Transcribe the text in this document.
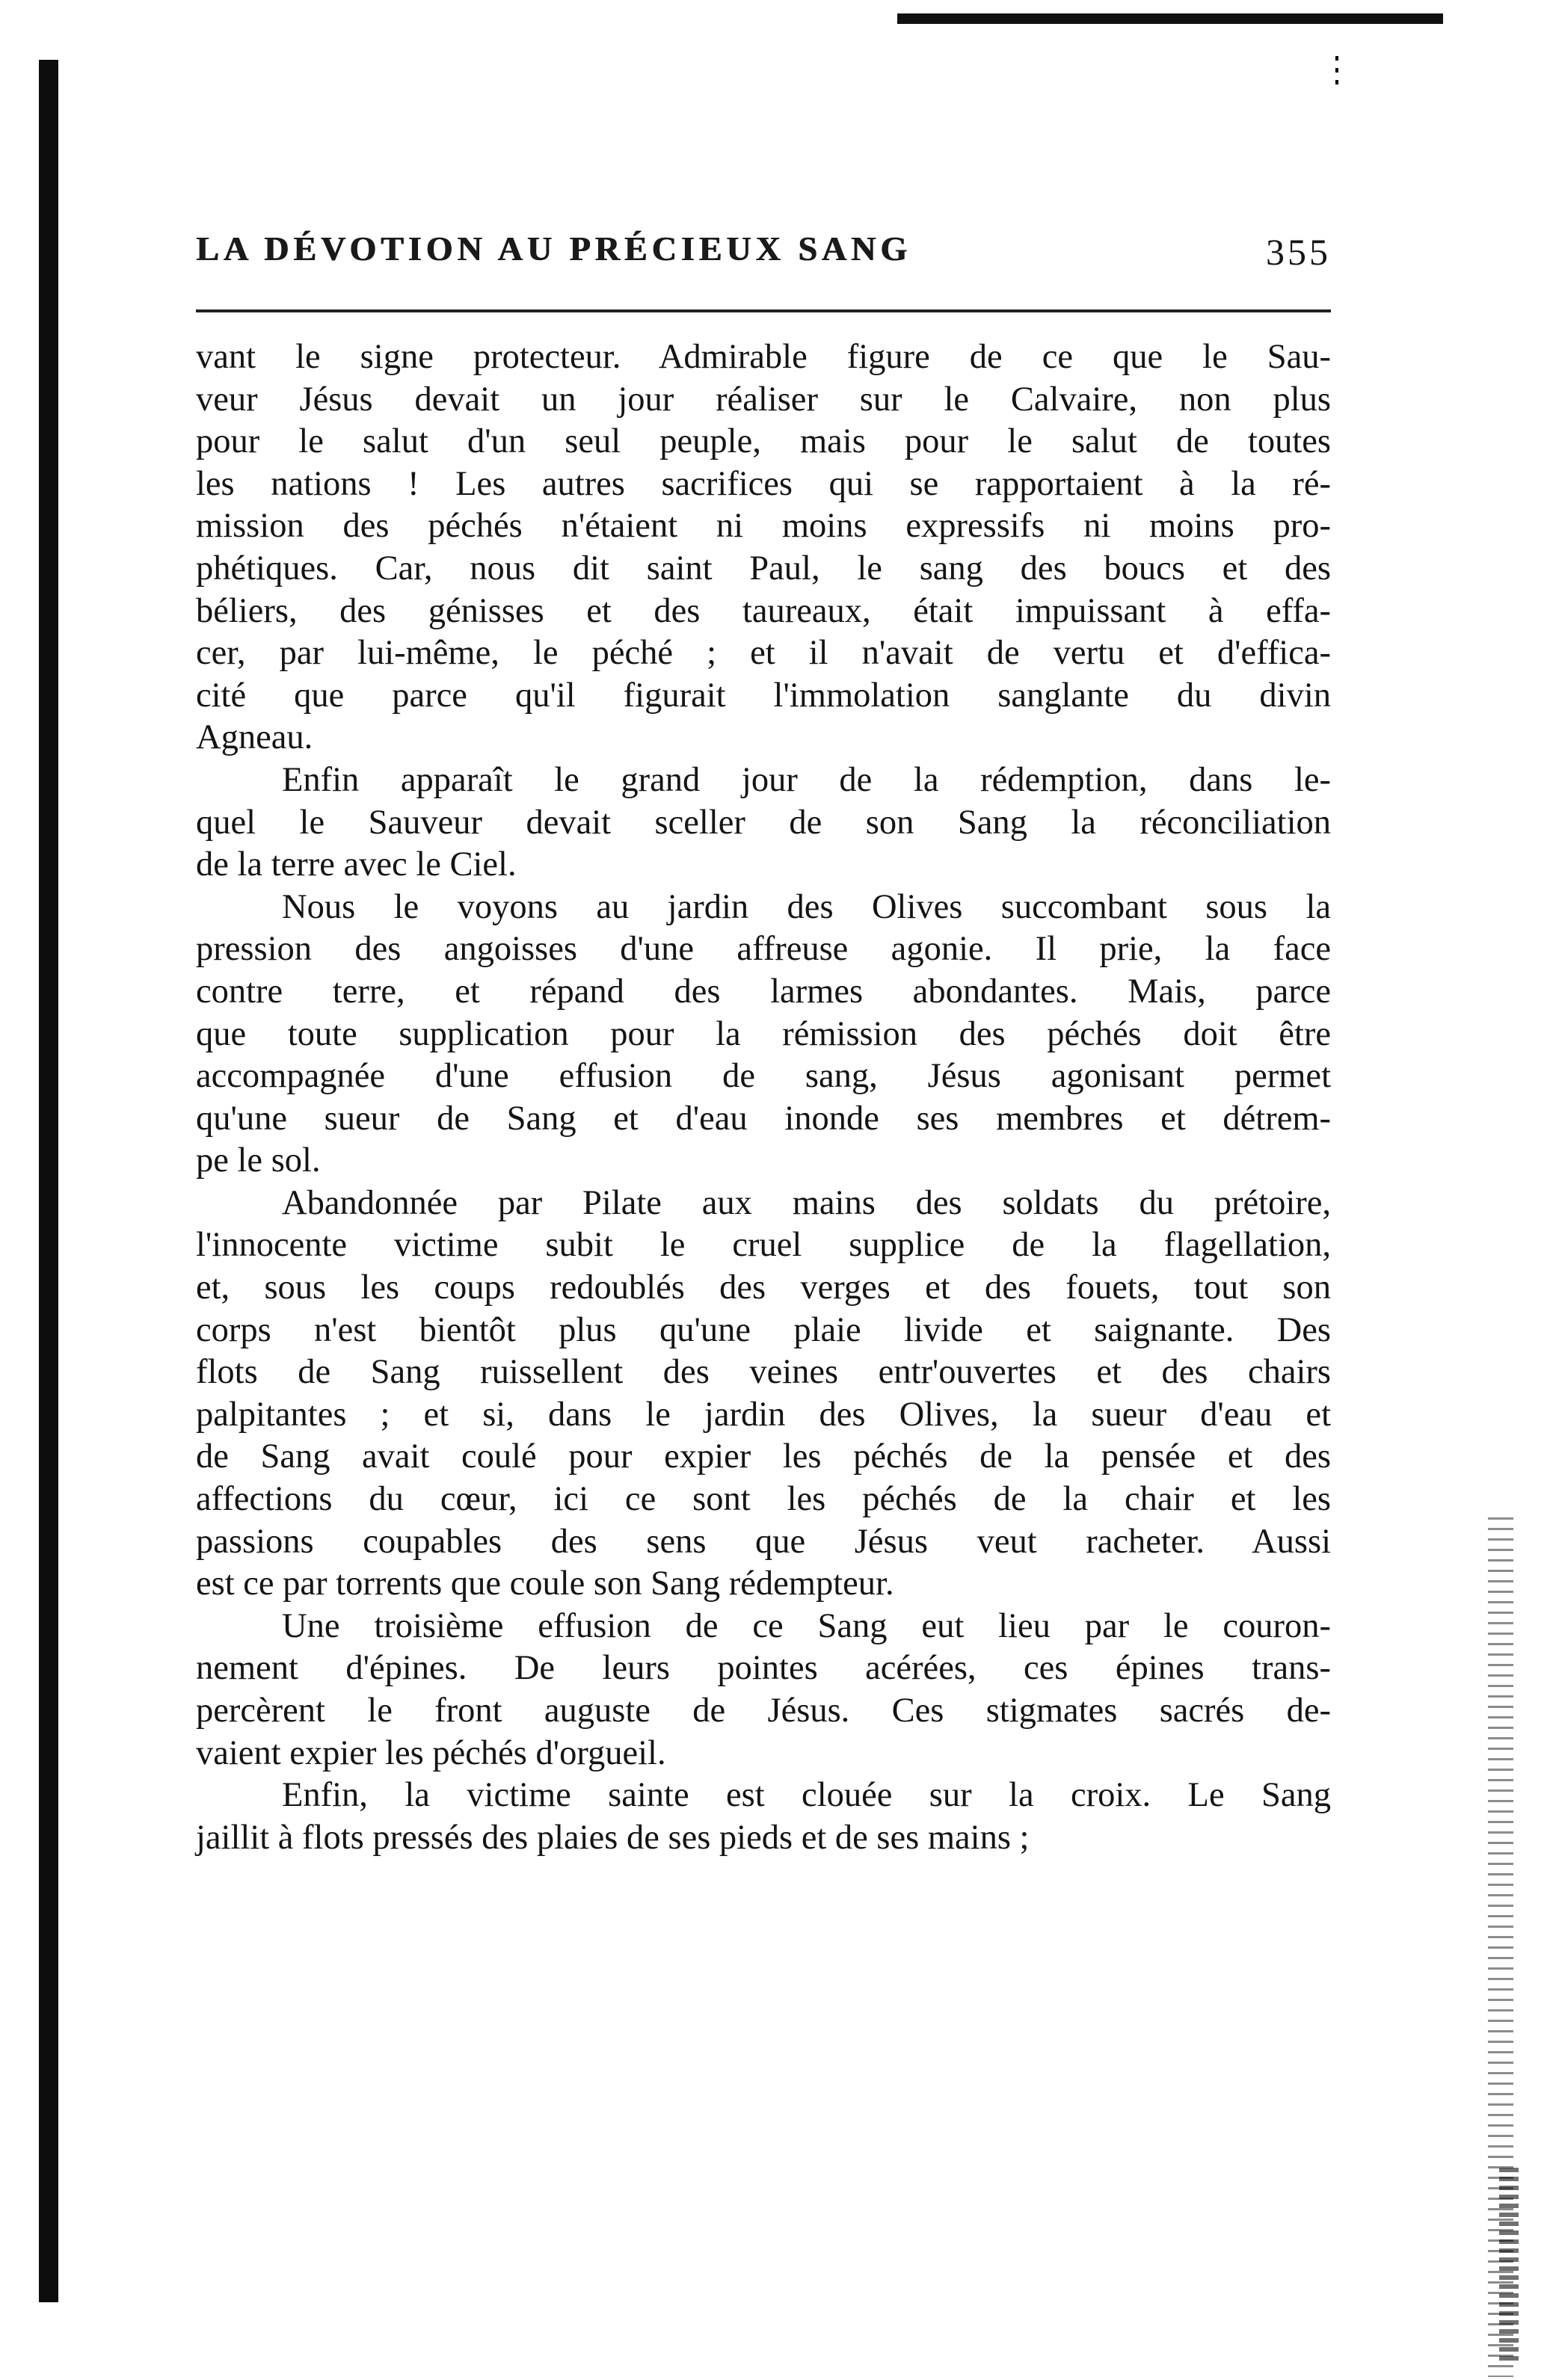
LA DÉVOTION AU PRÉCIEUX SANG	355
vant le signe protecteur. Admirable figure de ce que le Sau-
veur Jésus devait un jour réaliser sur le Calvaire, non plus
pour le salut d'un seul peuple, mais pour le salut de toutes
les nations ! Les autres sacrifices qui se rapportaient à la ré-
mission des péchés n'étaient ni moins expressifs ni moins pro-
phétiques. Car, nous dit saint Paul, le sang des boucs et des
béliers, des génisses et des taureaux, était impuissant à effa-
cer, par lui-même, le péché ; et il n'avait de vertu et d'effica-
cité que parce qu'il figurait l'immolation sanglante du divin
Agneau.
Enfin apparaît le grand jour de la rédemption, dans le-
quel le Sauveur devait sceller de son Sang la réconciliation
de la terre avec le Ciel.
Nous le voyons au jardin des Olives succombant sous la
pression des angoisses d'une affreuse agonie. Il prie, la face
contre terre, et répand des larmes abondantes. Mais, parce
que toute supplication pour la rémission des péchés doit être
accompagnée d'une effusion de sang, Jésus agonisant permet
qu'une sueur de Sang et d'eau inonde ses membres et détrem-
pe le sol.
Abandonnée par Pilate aux mains des soldats du prétoire,
l'innocente victime subit le cruel supplice de la flagellation,
et, sous les coups redoublés des verges et des fouets, tout son
corps n'est bientôt plus qu'une plaie livide et saignante. Des
flots de Sang ruissellent des veines entr'ouvertes et des chairs
palpitantes ; et si, dans le jardin des Olives, la sueur d'eau et
de Sang avait coulé pour expier les péchés de la pensée et des
affections du cœur, ici ce sont les péchés de la chair et les
passions coupables des sens que Jésus veut racheter. Aussi
est ce par torrents que coule son Sang rédempteur.
Une troisième effusion de ce Sang eut lieu par le couron-
nement d'épines. De leurs pointes acérées, ces épines trans-
percèrent le front auguste de Jésus. Ces stigmates sacrés de-
vaient expier les péchés d'orgueil.
Enfin, la victime sainte est clouée sur la croix. Le Sang
jaillit à flots pressés des plaies de ses pieds et de ses mains ;
